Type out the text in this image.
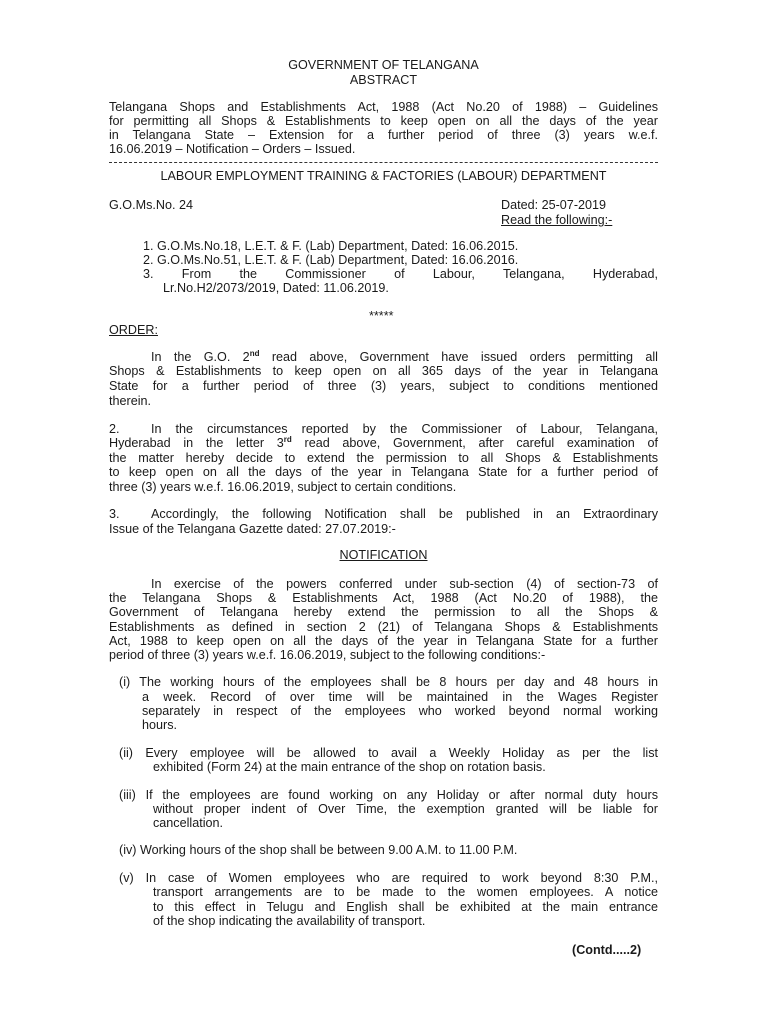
GOVERNMENT OF TELANGANA
ABSTRACT
Telangana Shops and Establishments Act, 1988 (Act No.20 of 1988) – Guidelines
for permitting all Shops & Establishments to keep open on all the days of the year
in Telangana State – Extension for a further period of three (3) years w.e.f.
16.06.2019 – Notification – Orders – Issued.
LABOUR EMPLOYMENT TRAINING & FACTORIES (LABOUR) DEPARTMENT
G.O.Ms.No. 24	Dated: 25-07-2019
Read the following:-
1. G.O.Ms.No.18, L.E.T. & F. (Lab) Department, Dated: 16.06.2015.
2. G.O.Ms.No.51, L.E.T. & F. (Lab) Department, Dated: 16.06.2016.
3.    From    the    Commissioner    of    Labour,    Telangana,    Hyderabad,
Lr.No.H2/2073/2019, Dated: 11.06.2019.
*****
ORDER:
In the G.O. 2nd read above, Government have issued orders permitting all
Shops & Establishments to keep open on all 365 days of the year in Telangana
State for a further period of three (3) years, subject to conditions mentioned
therein.
2. In the circumstances reported by the Commissioner of Labour, Telangana,
Hyderabad in the letter 3rd read above, Government, after careful examination of
the matter hereby decide to extend the permission to all Shops & Establishments
to keep open on all the days of the year in Telangana State for a further period of
three (3) years w.e.f. 16.06.2019, subject to certain conditions.
3. Accordingly, the following Notification shall be published in an Extraordinary
Issue of the Telangana Gazette dated: 27.07.2019:-
NOTIFICATION
In exercise of the powers conferred under sub-section (4) of section-73 of
the Telangana Shops & Establishments Act, 1988 (Act No.20 of 1988), the
Government of Telangana hereby extend the permission to all the Shops &
Establishments as defined in section 2 (21) of Telangana Shops & Establishments
Act, 1988 to keep open on all the days of the year in Telangana State for a further
period of three (3) years w.e.f. 16.06.2019, subject to the following conditions:-
(i) The working hours of the employees shall be 8 hours per day and 48 hours in
a week. Record of over time will be maintained in the Wages Register
separately in respect of the employees who worked beyond normal working
hours.
(ii) Every employee will be allowed to avail a Weekly Holiday as per the list
exhibited (Form 24) at the main entrance of the shop on rotation basis.
(iii) If the employees are found working on any Holiday or after normal duty hours
without proper indent of Over Time, the exemption granted will be liable for
cancellation.
(iv) Working hours of the shop shall be between 9.00 A.M. to 11.00 P.M.
(v) In case of Women employees who are required to work beyond 8:30 P.M.,
transport arrangements are to be made to the women employees. A notice
to this effect in Telugu and English shall be exhibited at the main entrance
of the shop indicating the availability of transport.
(Contd.....2)
